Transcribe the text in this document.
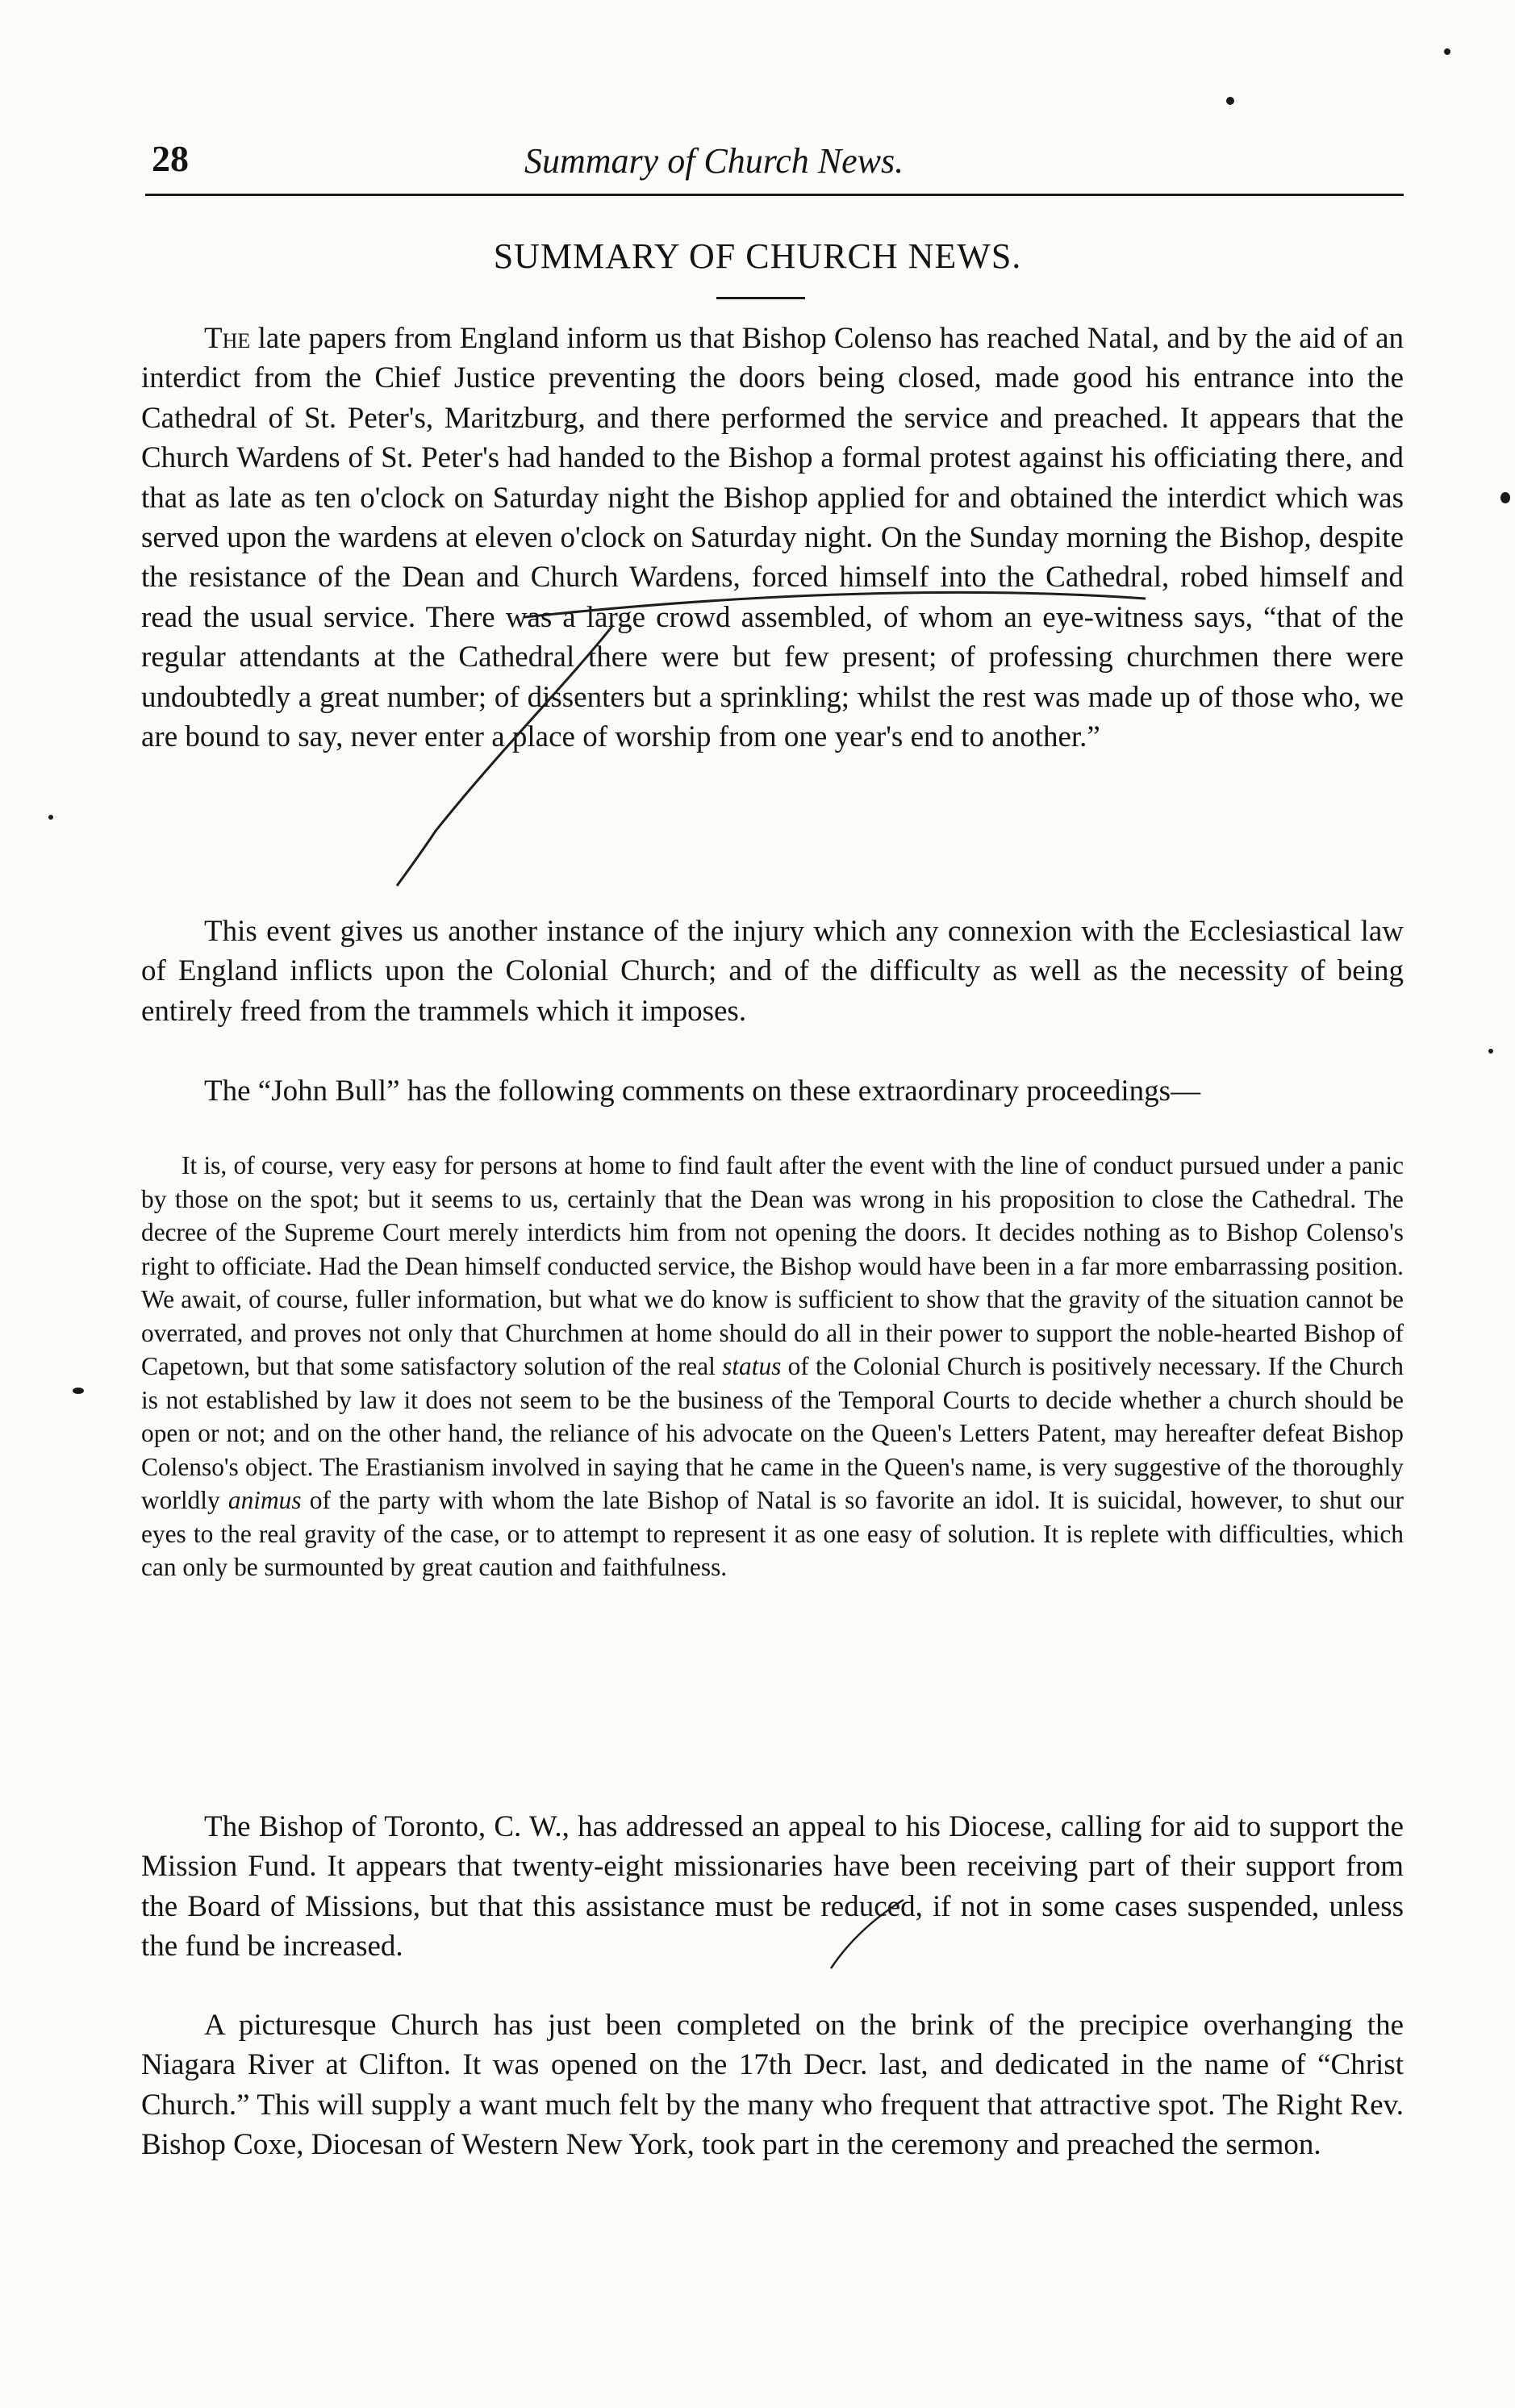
28	Summary of Church News.
SUMMARY OF CHURCH NEWS.

The late papers from England inform us that Bishop Colenso has reached Natal, and by the aid of an interdict from the Chief Justice preventing the doors being closed, made good his entrance into the Cathedral of St. Peter's, Maritzburg, and there performed the service and preached. It appears that the Church Wardens of St. Peter's had handed to the Bishop a formal protest against his officiating there, and that as late as ten o'clock on Saturday night the Bishop applied for and obtained the interdict which was served upon the wardens at eleven o'clock on Saturday night. On the Sunday morning the Bishop, despite the resistance of the Dean and Church Wardens, forced himself into the Cathedral, robed himself and read the usual service. There was a large crowd assembled, of whom an eye-witness says, “that of the regular attendants at the Cathedral there were but few present; of professing churchmen there were undoubtedly a great number; of dissenters but a sprinkling; whilst the rest was made up of those who, we are bound to say, never enter a place of worship from one year's end to another.”

This event gives us another instance of the injury which any connexion with the Ecclesiastical law of England inflicts upon the Colonial Church; and of the difficulty as well as the necessity of being entirely freed from the trammels which it imposes.

The “John Bull” has the following comments on these extraordinary proceedings—

It is, of course, very easy for persons at home to find fault after the event with the line of conduct pursued under a panic by those on the spot; but it seems to us, certainly that the Dean was wrong in his proposition to close the Cathedral. The decree of the Supreme Court merely interdicts him from not opening the doors. It decides nothing as to Bishop Colenso's right to officiate. Had the Dean himself conducted service, the Bishop would have been in a far more embarrassing position. We await, of course, fuller information, but what we do know is sufficient to show that the gravity of the situation cannot be overrated, and proves not only that Churchmen at home should do all in their power to support the noble-hearted Bishop of Capetown, but that some satisfactory solution of the real status of the Colonial Church is positively necessary. If the Church is not established by law it does not seem to be the business of the Temporal Courts to decide whether a church should be open or not; and on the other hand, the reliance of his advocate on the Queen's Letters Patent, may hereafter defeat Bishop Colenso's object. The Erastianism involved in saying that he came in the Queen's name, is very suggestive of the thoroughly worldly animus of the party with whom the late Bishop of Natal is so favorite an idol. It is suicidal, however, to shut our eyes to the real gravity of the case, or to attempt to represent it as one easy of solution. It is replete with difficulties, which can only be surmounted by great caution and faithfulness.

The Bishop of Toronto, C. W., has addressed an appeal to his Diocese, calling for aid to support the Mission Fund. It appears that twenty-eight missionaries have been receiving part of their support from the Board of Missions, but that this assistance must be reduced, if not in some cases suspended, unless the fund be increased.

A picturesque Church has just been completed on the brink of the precipice overhanging the Niagara River at Clifton. It was opened on the 17th Decr. last, and dedicated in the name of “Christ Church.” This will supply a want much felt by the many who frequent that attractive spot. The Right Rev. Bishop Coxe, Diocesan of Western New York, took part in the ceremony and preached the sermon.
